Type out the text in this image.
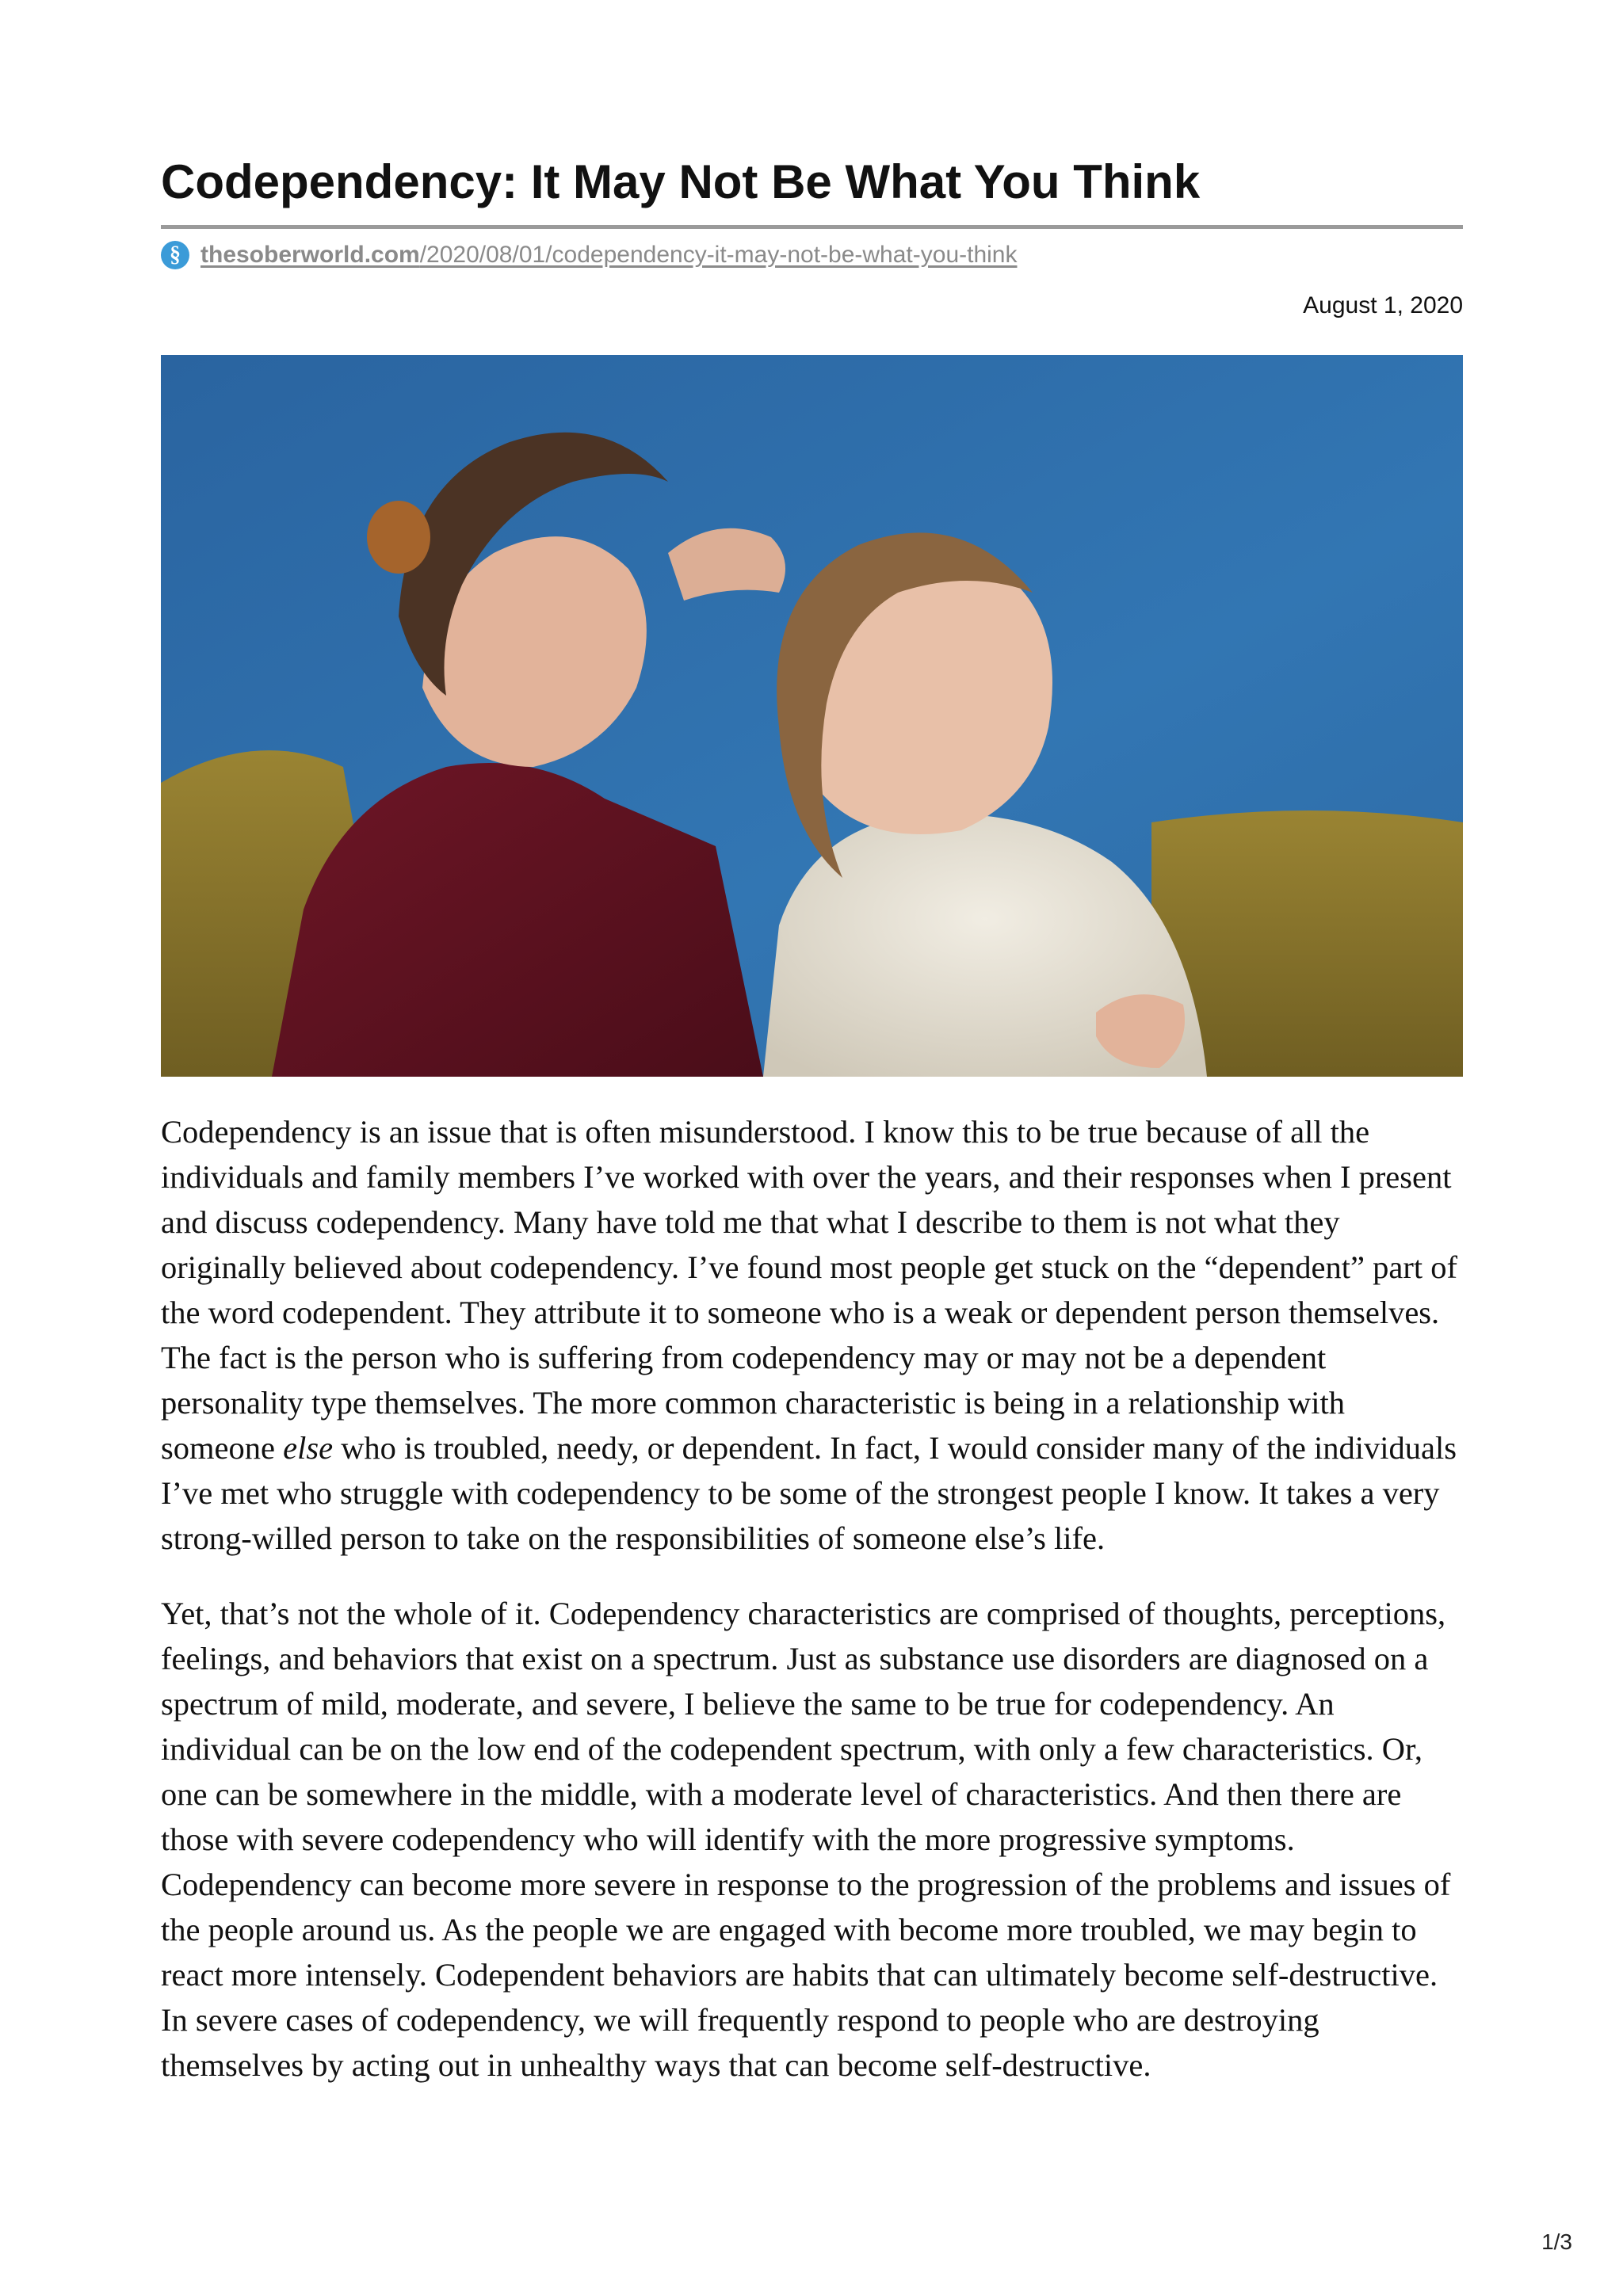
Codependency: It May Not Be What You Think
§ thesoberworld.com/2020/08/01/codependency-it-may-not-be-what-you-think
August 1, 2020

Codependency is an issue that is often misunderstood. I know this to be true because of all the individuals and family members I’ve worked with over the years, and their responses when I present and discuss codependency. Many have told me that what I describe to them is not what they originally believed about codependency. I’ve found most people get stuck on the “dependent” part of the word codependent. They attribute it to someone who is a weak or dependent person themselves. The fact is the person who is suffering from codependency may or may not be a dependent personality type themselves. The more common characteristic is being in a relationship with someone else who is troubled, needy, or dependent. In fact, I would consider many of the individuals I’ve met who struggle with codependency to be some of the strongest people I know. It takes a very strong-willed person to take on the responsibilities of someone else’s life.

Yet, that’s not the whole of it. Codependency characteristics are comprised of thoughts, perceptions, feelings, and behaviors that exist on a spectrum. Just as substance use disorders are diagnosed on a spectrum of mild, moderate, and severe, I believe the same to be true for codependency. An individual can be on the low end of the codependent spectrum, with only a few characteristics. Or, one can be somewhere in the middle, with a moderate level of characteristics. And then there are those with severe codependency who will identify with the more progressive symptoms. Codependency can become more severe in response to the progression of the problems and issues of the people around us. As the people we are engaged with become more troubled, we may begin to react more intensely. Codependent behaviors are habits that can ultimately become self-destructive. In severe cases of codependency, we will frequently respond to people who are destroying themselves by acting out in unhealthy ways that can become self-destructive.

1/3
